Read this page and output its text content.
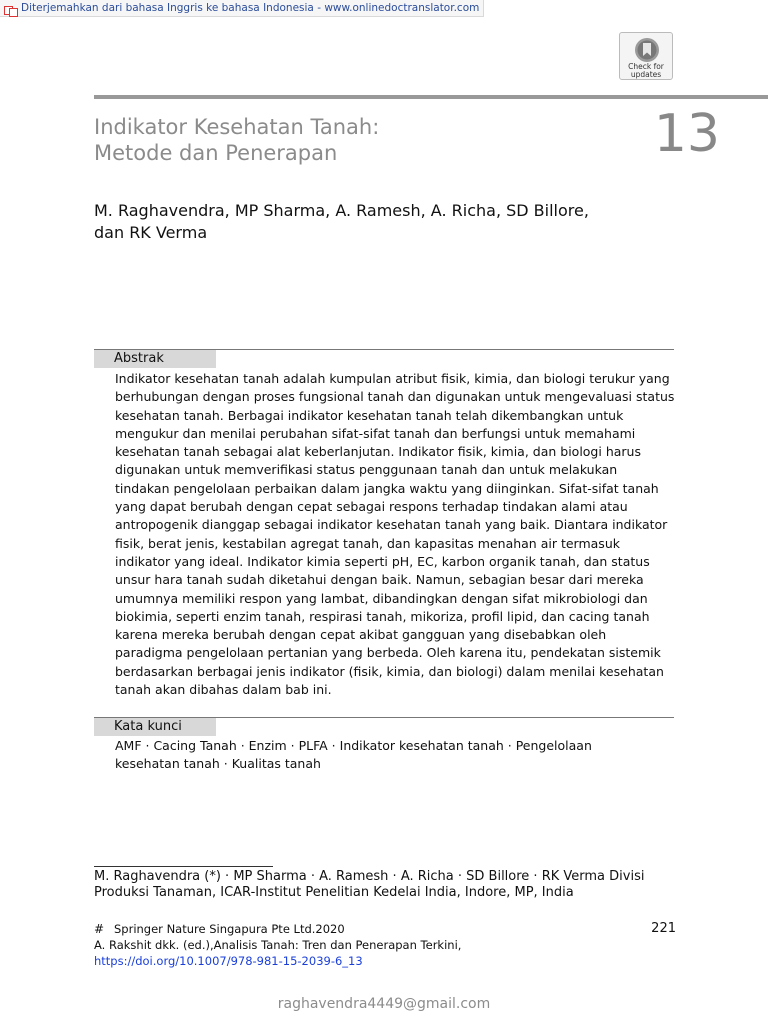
Diterjemahkan dari bahasa Inggris ke bahasa Indonesia - www.onlinedoctranslator.com
Check for
updates
Indikator Kesehatan Tanah:
Metode dan Penerapan	13
M. Raghavendra, MP Sharma, A. Ramesh, A. Richa, SD Billore,
dan RK Verma
Abstrak
Indikator kesehatan tanah adalah kumpulan atribut fisik, kimia, dan biologi terukur yang berhubungan dengan proses fungsional tanah dan digunakan untuk mengevaluasi status kesehatan tanah. Berbagai indikator kesehatan tanah telah dikembangkan untuk mengukur dan menilai perubahan sifat-sifat tanah dan berfungsi untuk memahami kesehatan tanah sebagai alat keberlanjutan. Indikator fisik, kimia, dan biologi harus digunakan untuk memverifikasi status penggunaan tanah dan untuk melakukan tindakan pengelolaan perbaikan dalam jangka waktu yang diinginkan. Sifat-sifat tanah yang dapat berubah dengan cepat sebagai respons terhadap tindakan alami atau antropogenik dianggap sebagai indikator kesehatan tanah yang baik. Diantara indikator fisik, berat jenis, kestabilan agregat tanah, dan kapasitas menahan air termasuk indikator yang ideal. Indikator kimia seperti pH, EC, karbon organik tanah, dan status unsur hara tanah sudah diketahui dengan baik. Namun, sebagian besar dari mereka umumnya memiliki respon yang lambat, dibandingkan dengan sifat mikrobiologi dan biokimia, seperti enzim tanah, respirasi tanah, mikoriza, profil lipid, dan cacing tanah karena mereka berubah dengan cepat akibat gangguan yang disebabkan oleh paradigma pengelolaan pertanian yang berbeda. Oleh karena itu, pendekatan sistemik berdasarkan berbagai jenis indikator (fisik, kimia, dan biologi) dalam menilai kesehatan tanah akan dibahas dalam bab ini.
Kata kunci
AMF · Cacing Tanah · Enzim · PLFA · Indikator kesehatan tanah · Pengelolaan kesehatan tanah · Kualitas tanah
M. Raghavendra (*) · MP Sharma · A. Ramesh · A. Richa · SD Billore · RK Verma Divisi Produksi Tanaman, ICAR-Institut Penelitian Kedelai India, Indore, MP, India
# Springer Nature Singapura Pte Ltd.2020	221
A. Rakshit dkk. (ed.),Analisis Tanah: Tren dan Penerapan Terkini,
https://doi.org/10.1007/978-981-15-2039-6_13
raghavendra4449@gmail.com
